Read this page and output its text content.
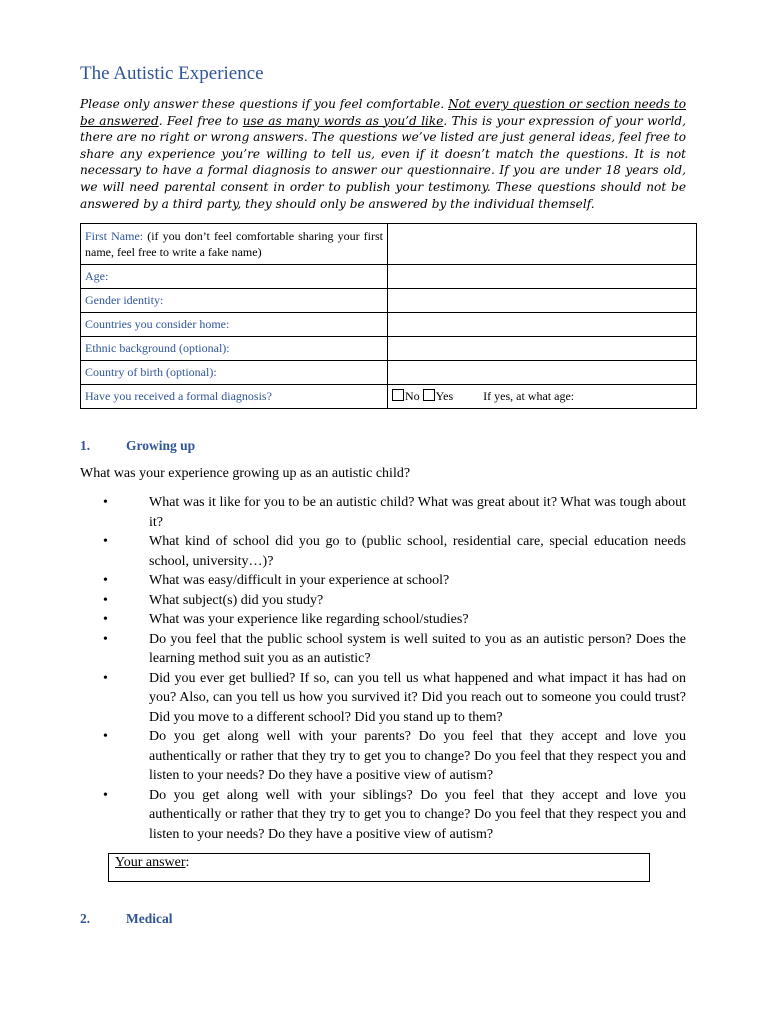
The Autistic Experience

Please only answer these questions if you feel comfortable. Not every question or section needs to be answered. Feel free to use as many words as you’d like. This is your expression of your world, there are no right or wrong answers. The questions we’ve listed are just general ideas, feel free to share any experience you’re willing to tell us, even if it doesn’t match the questions. It is not necessary to have a formal diagnosis to answer our questionnaire. If you are under 18 years old, we will need parental consent in order to publish your testimony. These questions should not be answered by a third party, they should only be answered by the individual themself.

First Name: (if you don’t feel comfortable sharing your first name, feel free to write a fake name)	
Age:	
Gender identity:	
Countries you consider home:	
Ethnic background (optional):	
Country of birth (optional):	
Have you received a formal diagnosis?	No Yes If yes, at what age:
1.	Growing up

What was your experience growing up as an autistic child?

•	What was it like for you to be an autistic child? What was great about it? What was tough about it?
•	What kind of school did you go to (public school, residential care, special education needs school, university…)?
•	What was easy/difficult in your experience at school?
•	What subject(s) did you study?
•	What was your experience like regarding school/studies?
•	Do you feel that the public school system is well suited to you as an autistic person? Does the learning method suit you as an autistic?
•	Did you ever get bullied? If so, can you tell us what happened and what impact it has had on you? Also, can you tell us how you survived it? Did you reach out to someone you could trust? Did you move to a different school? Did you stand up to them?
•	Do you get along well with your parents? Do you feel that they accept and love you authentically or rather that they try to get you to change? Do you feel that they respect you and listen to your needs? Do they have a positive view of autism?
•	Do you get along well with your siblings? Do you feel that they accept and love you authentically or rather that they try to get you to change? Do you feel that they respect you and listen to your needs? Do they have a positive view of autism?
Your answer:
2.	Medical
